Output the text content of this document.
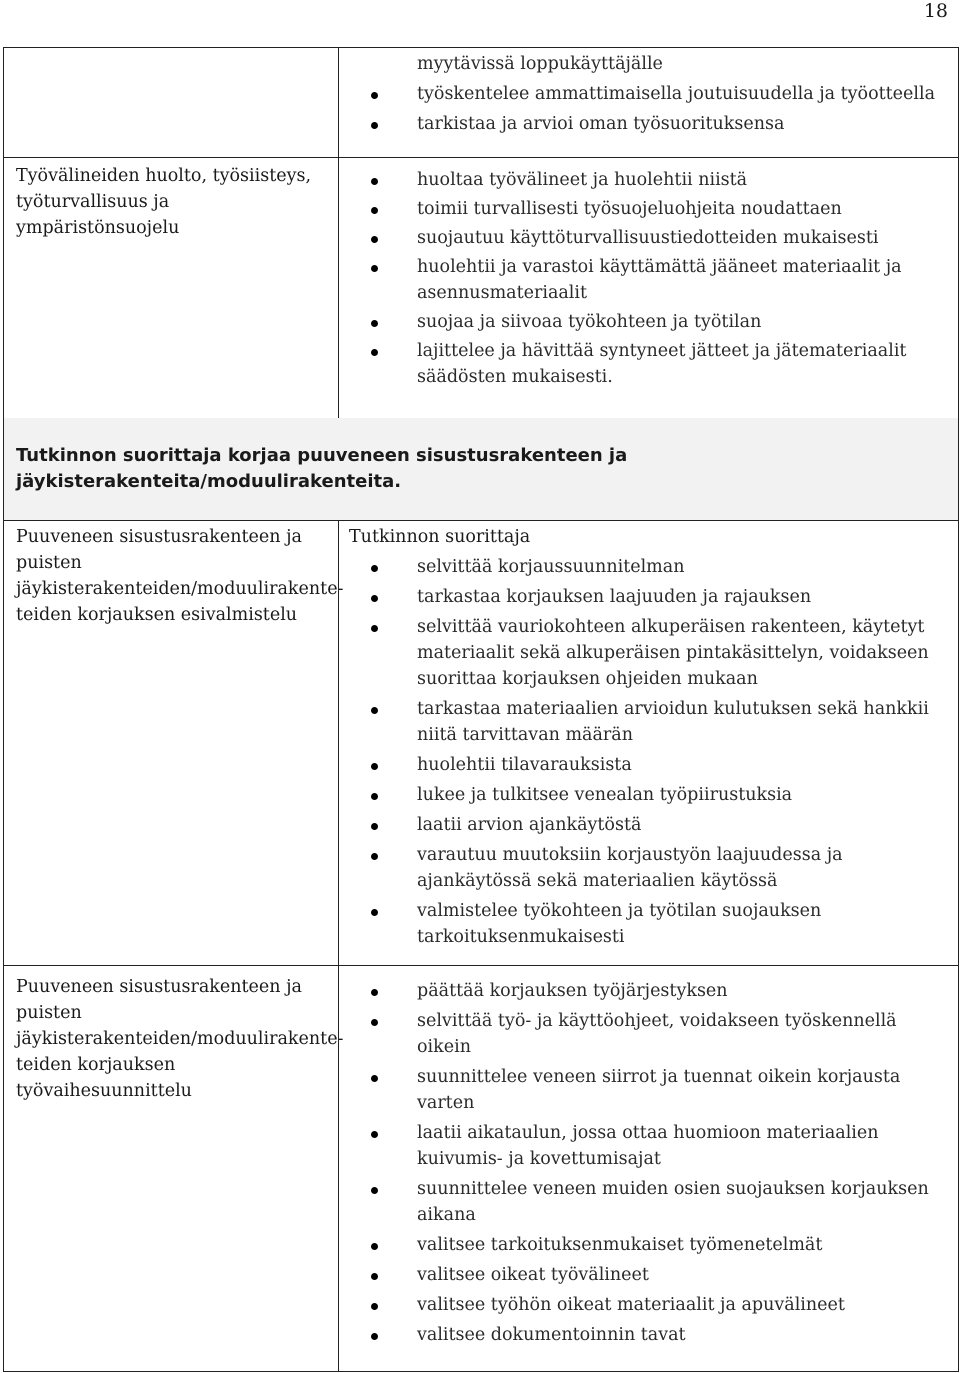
18
myytävissä loppukäyttäjälle
työskentelee ammattimaisella joutuisuudella ja työotteella
tarkistaa ja arvioi oman työsuorituksensa
Työvälineiden huolto, työsiisteys,
työturvallisuus ja
ympäristönsuojelu
huoltaa työvälineet ja huolehtii niistä
toimii turvallisesti työsuojeluohjeita noudattaen
suojautuu käyttöturvallisuustiedotteiden mukaisesti
huolehtii ja varastoi käyttämättä jääneet materiaalit ja
asennusmateriaalit
suojaa ja siivoaa työkohteen ja työtilan
lajittelee ja hävittää syntyneet jätteet ja jätemateriaalit
säädösten mukaisesti.
Tutkinnon suorittaja korjaa puuveneen sisustusrakenteen ja
jäykisterakenteita/moduulirakenteita.
Puuveneen sisustusrakenteen ja
puisten
jäykisterakenteiden/moduulirakente-
teiden korjauksen esivalmistelu
Tutkinnon suorittaja
selvittää korjaussuunnitelman
tarkastaa korjauksen laajuuden ja rajauksen
selvittää vauriokohteen alkuperäisen rakenteen, käytetyt
materiaalit sekä alkuperäisen pintakäsittelyn, voidakseen
suorittaa korjauksen ohjeiden mukaan
tarkastaa materiaalien arvioidun kulutuksen sekä hankkii
niitä tarvittavan määrän
huolehtii tilavarauksista
lukee ja tulkitsee venealan työpiirustuksia
laatii arvion ajankäytöstä
varautuu muutoksiin korjaustyön laajuudessa ja
ajankäytössä sekä materiaalien käytössä
valmistelee työkohteen ja työtilan suojauksen
tarkoituksenmukaisesti
Puuveneen sisustusrakenteen ja
puisten
jäykisterakenteiden/moduulirakente-
teiden korjauksen
työvaihesuunnittelu
päättää korjauksen työjärjestyksen
selvittää työ- ja käyttöohjeet, voidakseen työskennellä
oikein
suunnittelee veneen siirrot ja tuennat oikein korjausta
varten
laatii aikataulun, jossa ottaa huomioon materiaalien
kuivumis- ja kovettumisajat
suunnittelee veneen muiden osien suojauksen korjauksen
aikana
valitsee tarkoituksenmukaiset työmenetelmät
valitsee oikeat työvälineet
valitsee työhön oikeat materiaalit ja apuvälineet
valitsee dokumentoinnin tavat
